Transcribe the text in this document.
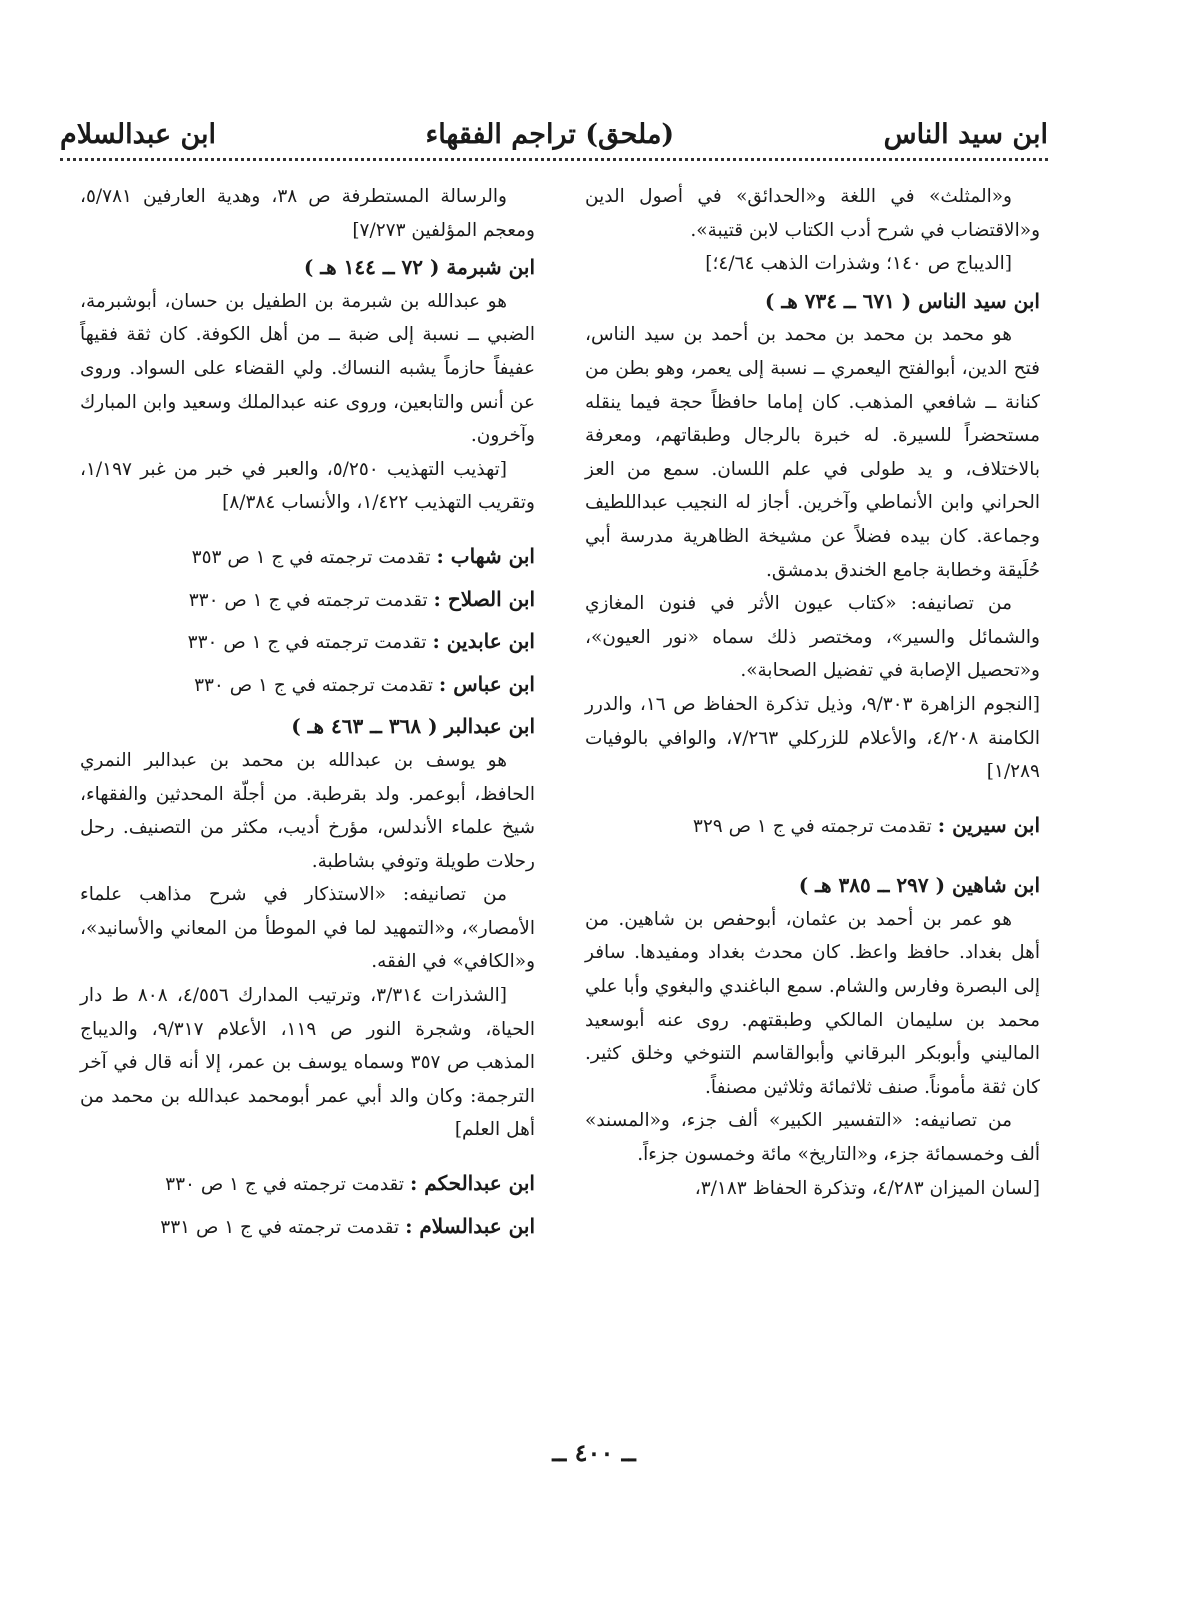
ابن سيد الناس
(ملحق) تراجم الفقهاء
ابن عبدالسلام

و«المثلث» في اللغة و«الحدائق» في أصول الدين و«الاقتضاب في شرح أدب الكتاب لابن قتيبة».

[الديباج ص ١٤٠؛ وشذرات الذهب ٤/٦٤؛]

ابن سيد الناس ( ٦٧١ ــ ٧٣٤ هـ )

هو محمد بن محمد بن محمد بن أحمد بن سيد الناس، فتح الدين، أبوالفتح اليعمري ــ نسبة إلى يعمر، وهو بطن من كنانة ــ شافعي المذهب. كان إماما حافظاً حجة فيما ينقله مستحضراً للسيرة. له خبرة بالرجال وطبقاتهم، ومعرفة بالاختلاف، و يد طولى في علم اللسان. سمع من العز الحراني وابن الأنماطي وآخرين. أجاز له النجيب عبداللطيف وجماعة. كان بيده فضلاً عن مشيخة الظاهرية مدرسة أبي حُلَيقة وخطابة جامع الخندق بدمشق.

من تصانيفه: «كتاب عيون الأثر في فنون المغازي والشمائل والسير»، ومختصر ذلك سماه «نور العيون»، و«تحصيل الإصابة في تفضيل الصحابة».

[النجوم الزاهرة ٩/٣٠٣، وذيل تذكرة الحفاظ ص ١٦، والدرر الكامنة ٤/٢٠٨، والأعلام للزركلي ٧/٢٦٣، والوافي بالوفيات ١/٢٨٩]

ابن سيرين : تقدمت ترجمته في ج ١ ص ٣٢٩

ابن شاهين ( ٢٩٧ ــ ٣٨٥ هـ )

هو عمر بن أحمد بن عثمان، أبوحفص بن شاهين. من أهل بغداد. حافظ واعظ. كان محدث بغداد ومفيدها. سافر إلى البصرة وفارس والشام. سمع الباغندي والبغوي وأبا علي محمد بن سليمان المالكي وطبقتهم. روى عنه أبوسعيد الماليني وأبوبكر البرقاني وأبوالقاسم التنوخي وخلق كثير. كان ثقة مأموناً. صنف ثلاثمائة وثلاثين مصنفاً.

من تصانيفه: «التفسير الكبير» ألف جزء، و«المسند» ألف وخمسمائة جزء، و«التاريخ» مائة وخمسون جزءاً.

[لسان الميزان ٤/٢٨٣، وتذكرة الحفاظ ٣/١٨٣،

والرسالة المستطرفة ص ٣٨، وهدية العارفين ٥/٧٨١، ومعجم المؤلفين ٧/٢٧٣]

ابن شبرمة ( ٧٢ ــ ١٤٤ هـ )

هو عبدالله بن شبرمة بن الطفيل بن حسان، أبوشبرمة، الضبي ــ نسبة إلى ضبة ــ من أهل الكوفة. كان ثقة فقيهاً عفيفاً حازماً يشبه النساك. ولي القضاء على السواد. وروى عن أنس والتابعين، وروى عنه عبدالملك وسعيد وابن المبارك وآخرون.

[تهذيب التهذيب ٥/٢٥٠، والعبر في خبر من غبر ١/١٩٧، وتقريب التهذيب ١/٤٢٢، والأنساب ٨/٣٨٤]

ابن شهاب : تقدمت ترجمته في ج ١ ص ٣٥٣

ابن الصلاح : تقدمت ترجمته في ج ١ ص ٣٣٠

ابن عابدين : تقدمت ترجمته في ج ١ ص ٣٣٠

ابن عباس : تقدمت ترجمته في ج ١ ص ٣٣٠

ابن عبدالبر ( ٣٦٨ ــ ٤٦٣ هـ )

هو يوسف بن عبدالله بن محمد بن عبدالبر النمري الحافظ، أبوعمر. ولد بقرطبة. من أجلّة المحدثين والفقهاء، شيخ علماء الأندلس، مؤرخ أديب، مكثر من التصنيف. رحل رحلات طويلة وتوفي بشاطبة.

من تصانيفه: «الاستذكار في شرح مذاهب علماء الأمصار»، و«التمهيد لما في الموطأ من المعاني والأسانيد»، و«الكافي» في الفقه.

[الشذرات ٣/٣١٤، وترتيب المدارك ٤/٥٥٦، ٨٠٨ ط دار الحياة، وشجرة النور ص ١١٩، الأعلام ٩/٣١٧، والديباج المذهب ص ٣٥٧ وسماه يوسف بن عمر، إلا أنه قال في آخر الترجمة: وكان والد أبي عمر أبومحمد عبدالله بن محمد من أهل العلم]

ابن عبدالحكم : تقدمت ترجمته في ج ١ ص ٣٣٠

ابن عبدالسلام : تقدمت ترجمته في ج ١ ص ٣٣١

ــ ٤٠٠ ــ
